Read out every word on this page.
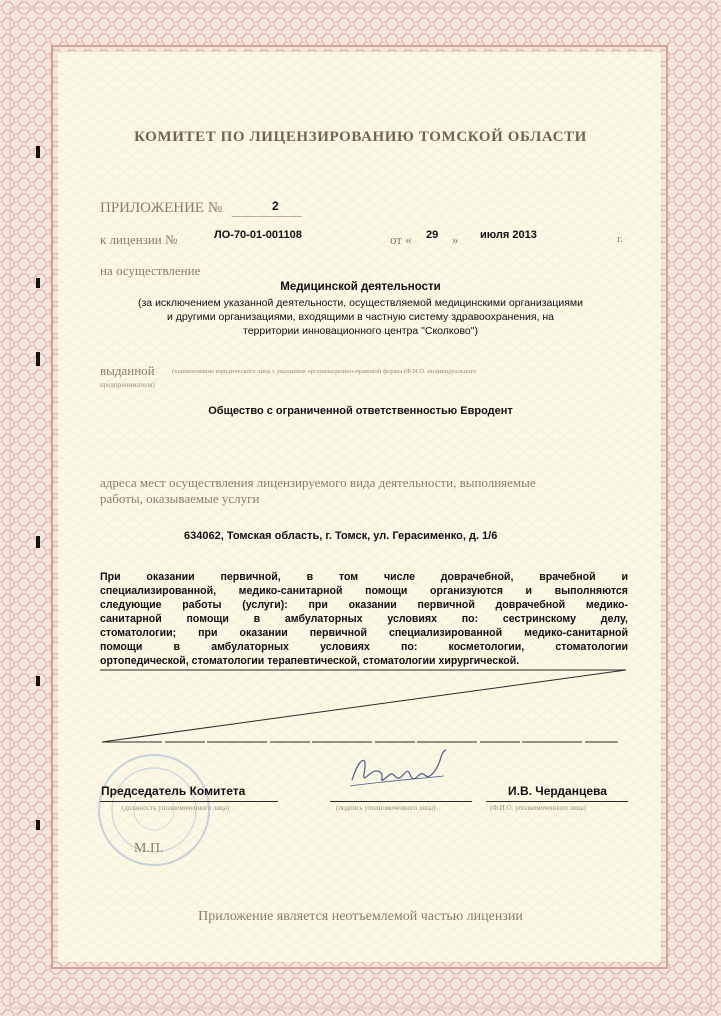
КОМИТЕТ ПО ЛИЦЕНЗИРОВАНИЮ ТОМСКОЙ ОБЛАСТИ
ПРИЛОЖЕНИЕ №	2
к лицензии №	ЛО-70-01-001108	от « 29 » июля 2013	г.
на осуществление
Медицинской деятельности
(за исключением указанной деятельности, осуществляемой медицинскими организациями
и другими организациями, входящими в частную систему здравоохранения, на
территории инновационного центра "Сколково")
выданной	(наименование юридического лица с указанием организационно-правовой формы (Ф.И.О. индивидуального
предпринимателя)
Общество с ограниченной ответственностью Евродент
адреса мест осуществления лицензируемого вида деятельности, выполняемые
работы, оказываемые услуги
634062, Томская область, г. Томск, ул. Герасименко, д. 1/6
При оказании первичной, в том числе доврачебной, врачебной и
специализированной, медико-санитарной помощи организуются и выполняются
следующие работы (услуги): при оказании первичной доврачебной медико-
санитарной помощи в амбулаторных условиях по: сестринскому делу,
стоматологии; при оказании первичной специализированной медико-санитарной
помощи в амбулаторных условиях по: косметологии, стоматологии
ортопедической, стоматологии терапевтической, стоматологии хирургической.
Председатель Комитета	И.В. Черданцева
(должность уполномоченного лица)	(подпись уполномоченного лица)	(Ф.И.О. уполномоченного лица)
М.П.
Приложение является неотъемлемой частью лицензии
